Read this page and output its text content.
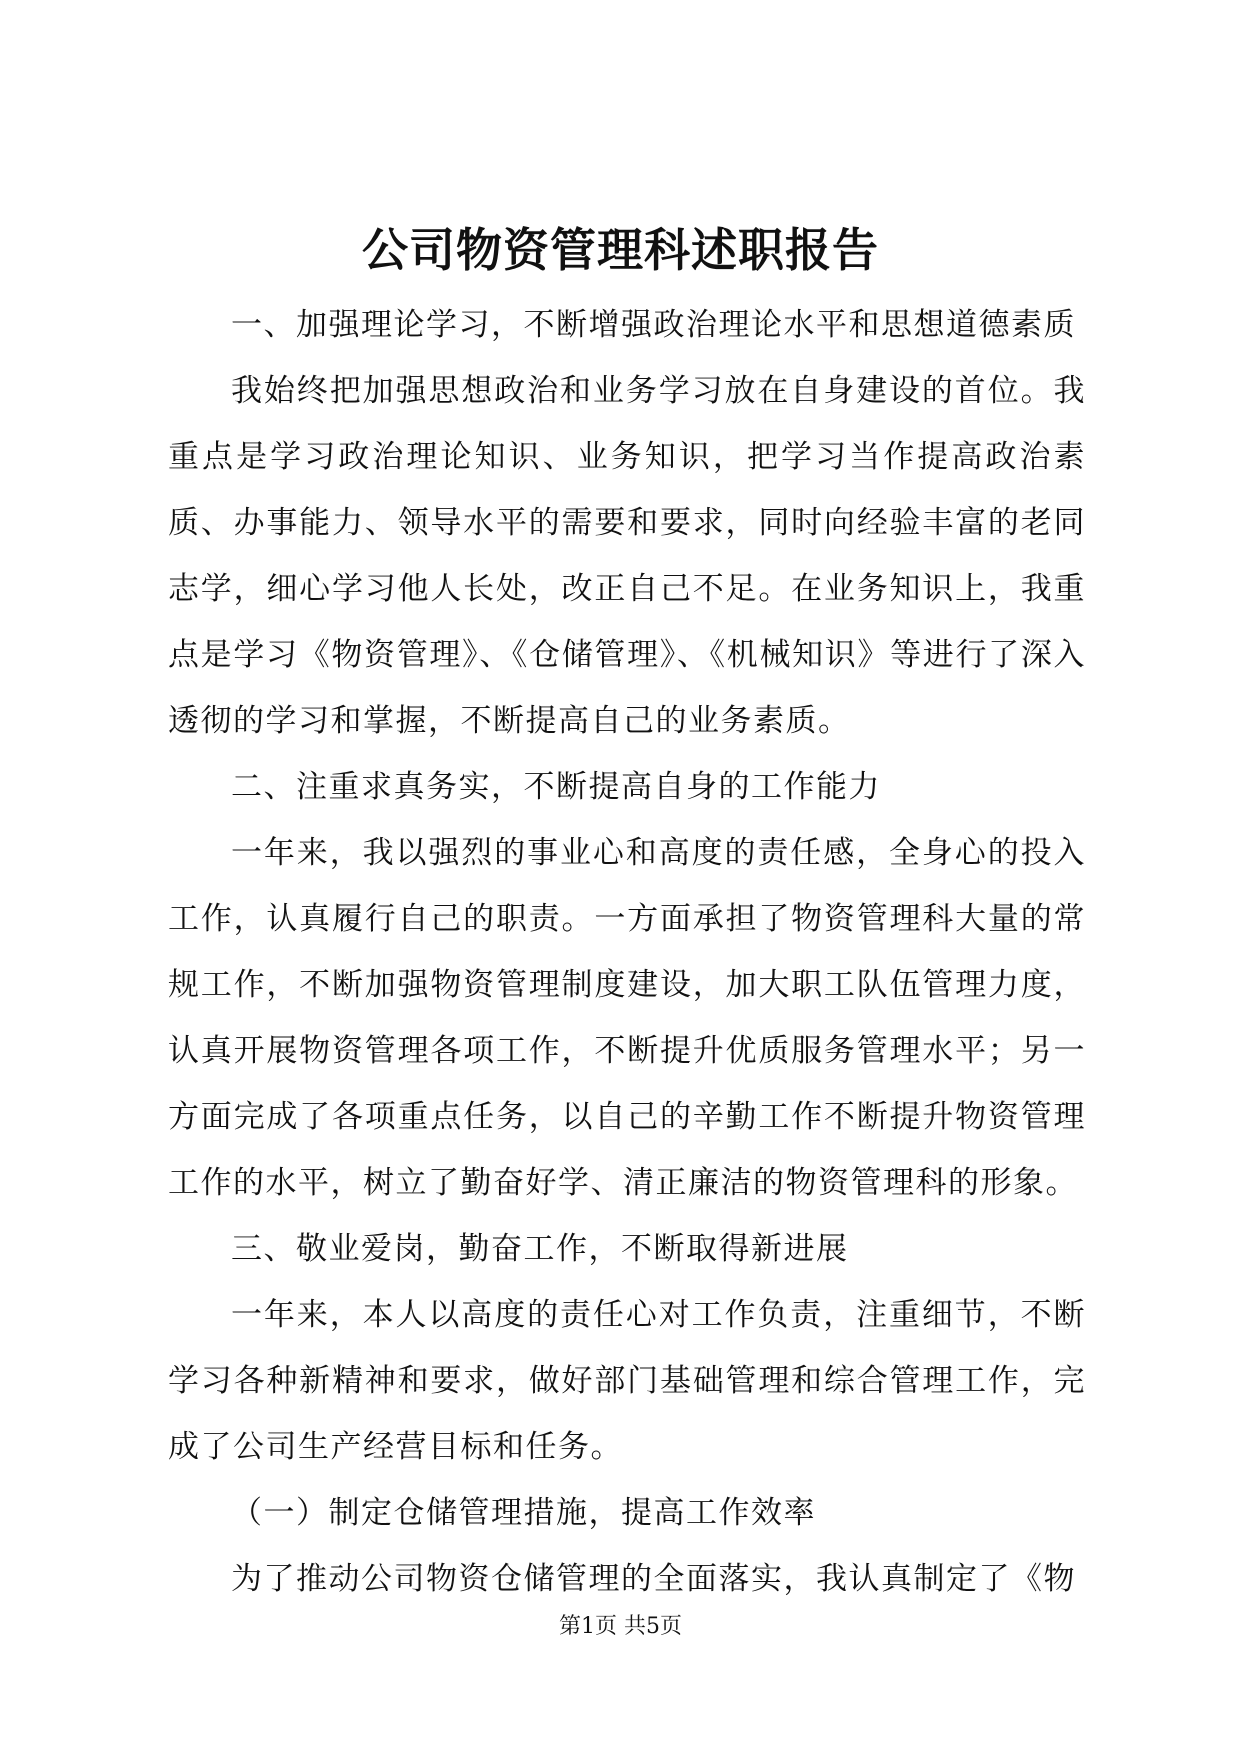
公司物资管理科述职报告

一、加强理论学习，不断增强政治理论水平和思想道德素质

我始终把加强思想政治和业务学习放在自身建设的首位。我重点是学习政治理论知识、业务知识，把学习当作提高政治素质、办事能力、领导水平的需要和要求，同时向经验丰富的老同志学，细心学习他人长处，改正自己不足。在业务知识上，我重点是学习《物资管理》、《仓储管理》、《机械知识》等进行了深入透彻的学习和掌握，不断提高自己的业务素质。

二、注重求真务实，不断提高自身的工作能力

一年来，我以强烈的事业心和高度的责任感，全身心的投入工作，认真履行自己的职责。一方面承担了物资管理科大量的常规工作，不断加强物资管理制度建设，加大职工队伍管理力度，认真开展物资管理各项工作，不断提升优质服务管理水平；另一方面完成了各项重点任务，以自己的辛勤工作不断提升物资管理工作的水平，树立了勤奋好学、清正廉洁的物资管理科的形象。

三、敬业爱岗，勤奋工作，不断取得新进展

一年来，本人以高度的责任心对工作负责，注重细节，不断学习各种新精神和要求，做好部门基础管理和综合管理工作，完成了公司生产经营目标和任务。

（一）制定仓储管理措施，提高工作效率

为了推动公司物资仓储管理的全面落实，我认真制定了《物

第1页 共5页
